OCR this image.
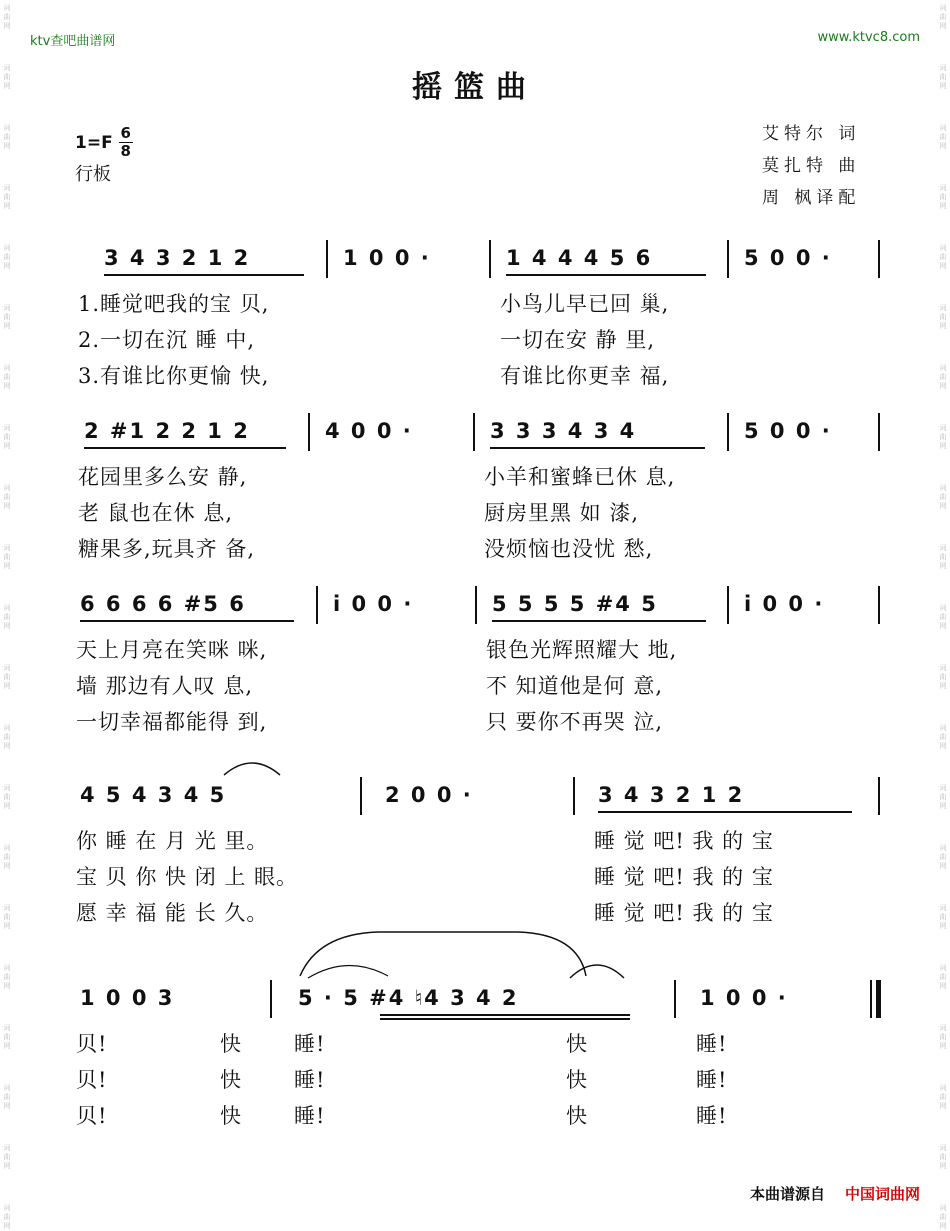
词
曲
网
词
曲
网
词
曲
网
词
曲
网
词
曲
网
词
曲
网
词
曲
网
词
曲
网
词
曲
网
词
曲
网
词
曲
网
词
曲
网
词
曲
网
词
曲
网
词
曲
网
词
曲
网
词
曲
网
词
曲
网
词
曲
网
词
曲
网
词
曲
网
词
曲
网
词
曲
网
词
曲
网
词
曲
网
词
曲
网
词
曲
网
词
曲
网
词
曲
网
词
曲
网
词
曲
网
词
曲
网
词
曲
网
词
曲
网
词
曲
网
词
曲
网
词
曲
网
词
曲
网
词
曲
网
词
曲
网
词
曲
网
词
曲
网
ktv查吧曲谱网	www.ktvc8.com
摇篮曲
$1=F \frac{6}{8}$
行板
艾特尔 词
莫扎特 曲
周 枫译配
3 4 3 2 1 2	1 0 0 ·	1 4 4 4 5 6	5 0 0 ·
1.睡觉吧我的宝 贝,	小鸟儿早已回 巢,
2.一切在沉 睡 中,	一切在安 静 里,
3.有谁比你更愉 快,	有谁比你更幸 福,
2 #1 2 2 1 2	4 0 0 ·	3 3 3 4 3 4	5 0 0 ·
花园里多么安 静,	小羊和蜜蜂已休 息,
老 鼠也在休 息,	厨房里黑 如 漆,
糖果多,玩具齐 备,	没烦恼也没忧 愁,
6 6 6 6 #5 6	i 0 0 ·	5 5 5 5 #4 5	i 0 0 ·
天上月亮在笑咪 咪,	银色光辉照耀大 地,
墙 那边有人叹 息,	不 知道他是何 意,
一切幸福都能得 到,	只 要你不再哭 泣,
4 5 4 3 4 5	2 0 0 ·	3 4 3 2 1 2
你 睡 在 月 光 里。	睡 觉 吧! 我 的 宝
宝 贝 你 快 闭 上 眼。	睡 觉 吧! 我 的 宝
愿 幸 福 能 长 久。	睡 觉 吧! 我 的 宝
1 0 0 3	5 · 5 #4 ♮4 3 4 2	1 0 0 ·
贝!	快 睡!	快	睡!
贝!	快 睡!	快	睡!
贝!	快 睡!	快	睡!
本曲谱源自 中国词曲网
